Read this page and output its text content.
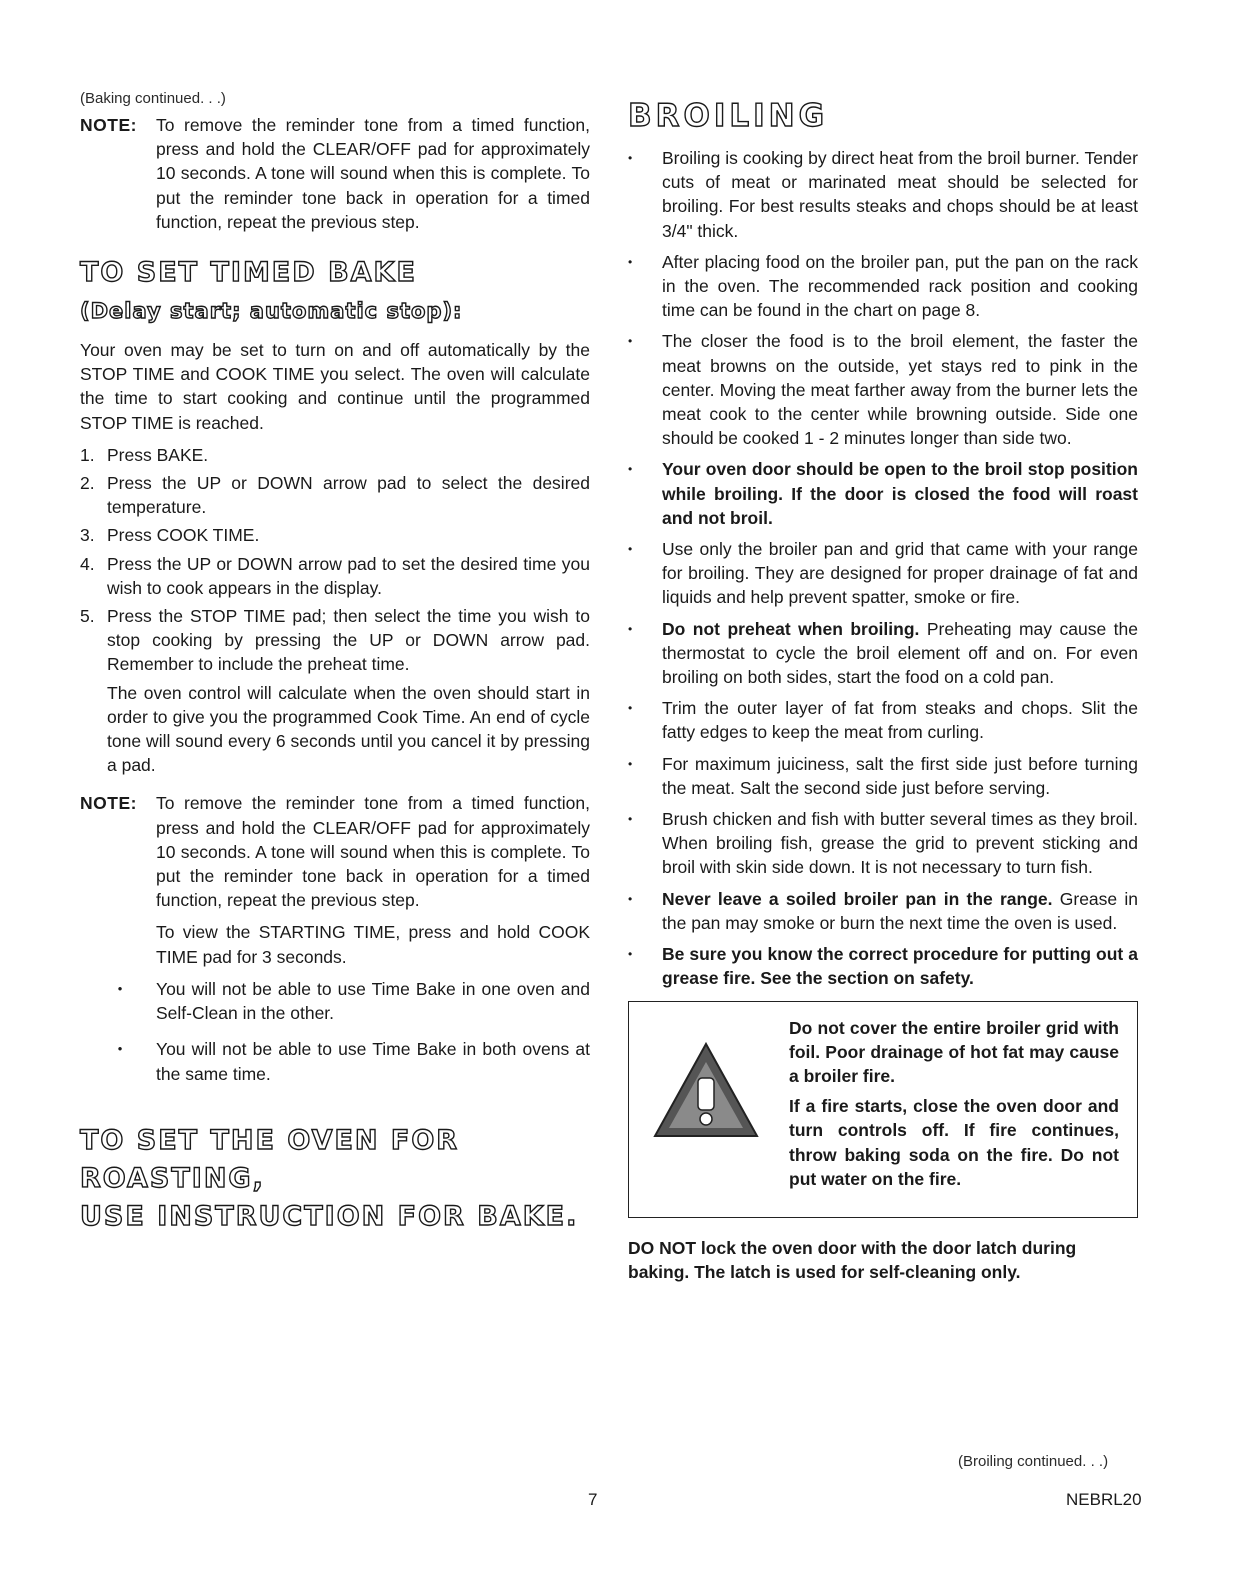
(Baking continued. . .)
NOTE:	To remove the reminder tone from a timed function, press and hold the CLEAR/OFF pad for approximately 10 seconds. A tone will sound when this is complete. To put the reminder tone back in operation for a timed function, repeat the previous step.
TO SET TIMED BAKE
(Delay start; automatic stop):
Your oven may be set to turn on and off automatically by the STOP TIME and COOK TIME you select. The oven will calculate the time to start cooking and continue until the programmed STOP TIME is reached.
1. Press BAKE.
2. Press the UP or DOWN arrow pad to select the desired temperature.
3. Press COOK TIME.
4. Press the UP or DOWN arrow pad to set the desired time you wish to cook appears in the display.
5. Press the STOP TIME pad; then select the time you wish to stop cooking by pressing the UP or DOWN arrow pad. Remember to include the preheat time.
The oven control will calculate when the oven should start in order to give you the programmed Cook Time. An end of cycle tone will sound every 6 seconds until you cancel it by pressing a pad.
NOTE:	To remove the reminder tone from a timed function, press and hold the CLEAR/OFF pad for approximately 10 seconds. A tone will sound when this is complete. To put the reminder tone back in operation for a timed function, repeat the previous step.
To view the STARTING TIME, press and hold COOK TIME pad for 3 seconds.
•	You will not be able to use Time Bake in one oven and Self-Clean in the other.
•	You will not be able to use Time Bake in both ovens at the same time.
TO SET THE OVEN FOR ROASTING,
USE INSTRUCTION FOR BAKE.
BROILING
•	Broiling is cooking by direct heat from the broil burner. Tender cuts of meat or marinated meat should be selected for broiling. For best results steaks and chops should be at least 3/4" thick.
•	After placing food on the broiler pan, put the pan on the rack in the oven. The recommended rack position and cooking time can be found in the chart on page 8.
•	The closer the food is to the broil element, the faster the meat browns on the outside, yet stays red to pink in the center. Moving the meat farther away from the burner lets the meat cook to the center while browning outside. Side one should be cooked 1 - 2 minutes longer than side two.
•	Your oven door should be open to the broil stop position while broiling. If the door is closed the food will roast and not broil.
•	Use only the broiler pan and grid that came with your range for broiling. They are designed for proper drainage of fat and liquids and help prevent spatter, smoke or fire.
•	Do not preheat when broiling. Preheating may cause the thermostat to cycle the broil element off and on. For even broiling on both sides, start the food on a cold pan.
•	Trim the outer layer of fat from steaks and chops. Slit the fatty edges to keep the meat from curling.
•	For maximum juiciness, salt the first side just before turning the meat. Salt the second side just before serving.
•	Brush chicken and fish with butter several times as they broil. When broiling fish, grease the grid to prevent sticking and broil with skin side down. It is not necessary to turn fish.
•	Never leave a soiled broiler pan in the range. Grease in the pan may smoke or burn the next time the oven is used.
•	Be sure you know the correct procedure for putting out a grease fire. See the section on safety.

Do not cover the entire broiler grid with foil. Poor drainage of hot fat may cause a broiler fire.

If a fire starts, close the oven door and turn controls off. If fire continues, throw baking soda on the fire. Do not put water on the fire.

DO NOT lock the oven door with the door latch during baking. The latch is used for self-cleaning only.
(Broiling continued. . .)
7	NEBRL20
